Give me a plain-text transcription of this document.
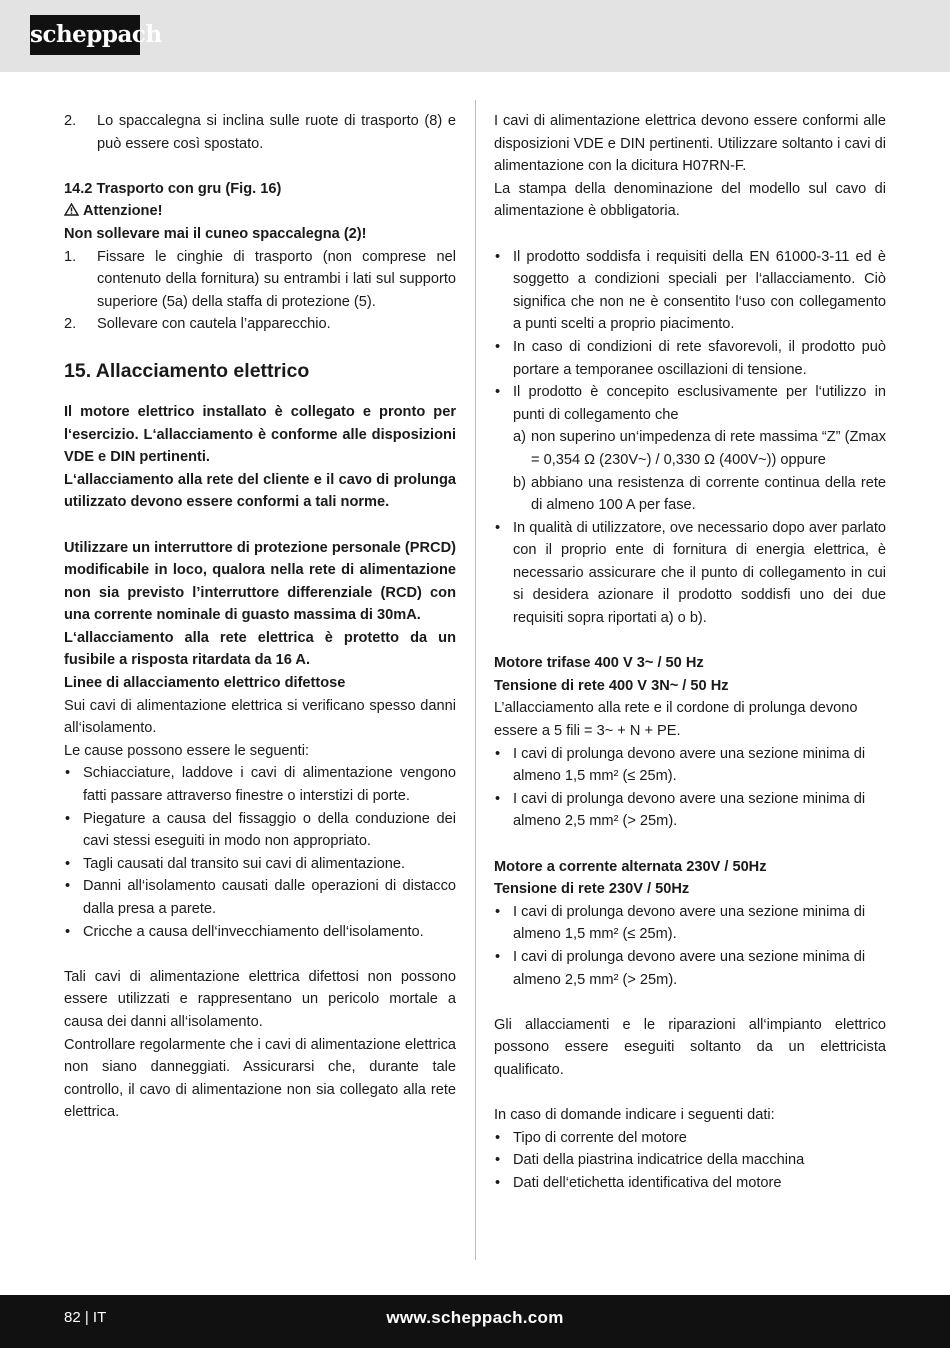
scheppach
2.	Lo spaccalegna si inclina sulle ruote di trasporto (8) e può essere così spostato.

14.2 Trasporto con gru (Fig. 16)

Attenzione!

Non sollevare mai il cuneo spaccalegna (2)!

1.	Fissare le cinghie di trasporto (non comprese nel contenuto della fornitura) su entrambi i lati sul supporto superiore (5a) della staffa di protezione (5).
2.	Sollevare con cautela l’apparecchio.

15. Allacciamento elettrico

Il motore elettrico installato è collegato e pronto per l‘esercizio. L‘allacciamento è conforme alle disposizioni VDE e DIN pertinenti.

L‘allacciamento alla rete del cliente e il cavo di prolunga utilizzato devono essere conformi a tali norme.

Utilizzare un interruttore di protezione personale (PRCD) modificabile in loco, qualora nella rete di alimentazione non sia previsto l’interruttore differenziale (RCD) con una corrente nominale di guasto massima di 30mA.

L‘allacciamento alla rete elettrica è protetto da un fusibile a risposta ritardata da 16 A.

Linee di allacciamento elettrico difettose

Sui cavi di alimentazione elettrica si verificano spesso danni all‘isolamento.

Le cause possono essere le seguenti:

• Schiacciature, laddove i cavi di alimentazione vengono fatti passare attraverso finestre o interstizi di porte.
• Piegature a causa del fissaggio o della conduzione dei cavi stessi eseguiti in modo non appropriato.
• Tagli causati dal transito sui cavi di alimentazione.
• Danni all‘isolamento causati dalle operazioni di distacco dalla presa a parete.
• Cricche a causa dell‘invecchiamento dell‘isolamento.

Tali cavi di alimentazione elettrica difettosi non possono essere utilizzati e rappresentano un pericolo mortale a causa dei danni all‘isolamento.

Controllare regolarmente che i cavi di alimentazione elettrica non siano danneggiati. Assicurarsi che, durante tale controllo, il cavo di alimentazione non sia collegato alla rete elettrica.

I cavi di alimentazione elettrica devono essere conformi alle disposizioni VDE e DIN pertinenti. Utilizzare soltanto i cavi di alimentazione con la dicitura H07RN-F.

La stampa della denominazione del modello sul cavo di alimentazione è obbligatoria.

• Il prodotto soddisfa i requisiti della EN 61000-3-11 ed è soggetto a condizioni speciali per l‘allacciamento. Ciò significa che non ne è consentito l‘uso con collegamento a punti scelti a proprio piacimento.
• In caso di condizioni di rete sfavorevoli, il prodotto può portare a temporanee oscillazioni di tensione.
• Il prodotto è concepito esclusivamente per l‘utilizzo in punti di collegamento che
a) non superino un‘impedenza di rete massima “Z” (Zmax = 0,354 Ω (230V~) / 0,330 Ω (400V~)) oppure
b) abbiano una resistenza di corrente continua della rete di almeno 100 A per fase.
• In qualità di utilizzatore, ove necessario dopo aver parlato con il proprio ente di fornitura di energia elettrica, è necessario assicurare che il punto di collegamento in cui si desidera azionare il prodotto soddisfi uno dei due requisiti sopra riportati a) o b).

Motore trifase 400 V 3~ / 50 Hz

Tensione di rete 400 V 3N~ / 50 Hz

L’allacciamento alla rete e il cordone di prolunga devono essere a 5 fili = 3~ + N + PE.

• I cavi di prolunga devono avere una sezione minima di almeno 1,5 mm² (≤ 25m).
• I cavi di prolunga devono avere una sezione minima di almeno 2,5 mm² (> 25m).

Motore a corrente alternata 230V / 50Hz

Tensione di rete 230V / 50Hz

• I cavi di prolunga devono avere una sezione minima di almeno 1,5 mm² (≤ 25m).
• I cavi di prolunga devono avere una sezione minima di almeno 2,5 mm² (> 25m).

Gli allacciamenti e le riparazioni all‘impianto elettrico possono essere eseguiti soltanto da un elettricista qualificato.

In caso di domande indicare i seguenti dati:

• Tipo di corrente del motore
• Dati della piastrina indicatrice della macchina
• Dati dell‘etichetta identificativa del motore
82 | IT	www.scheppach.com
